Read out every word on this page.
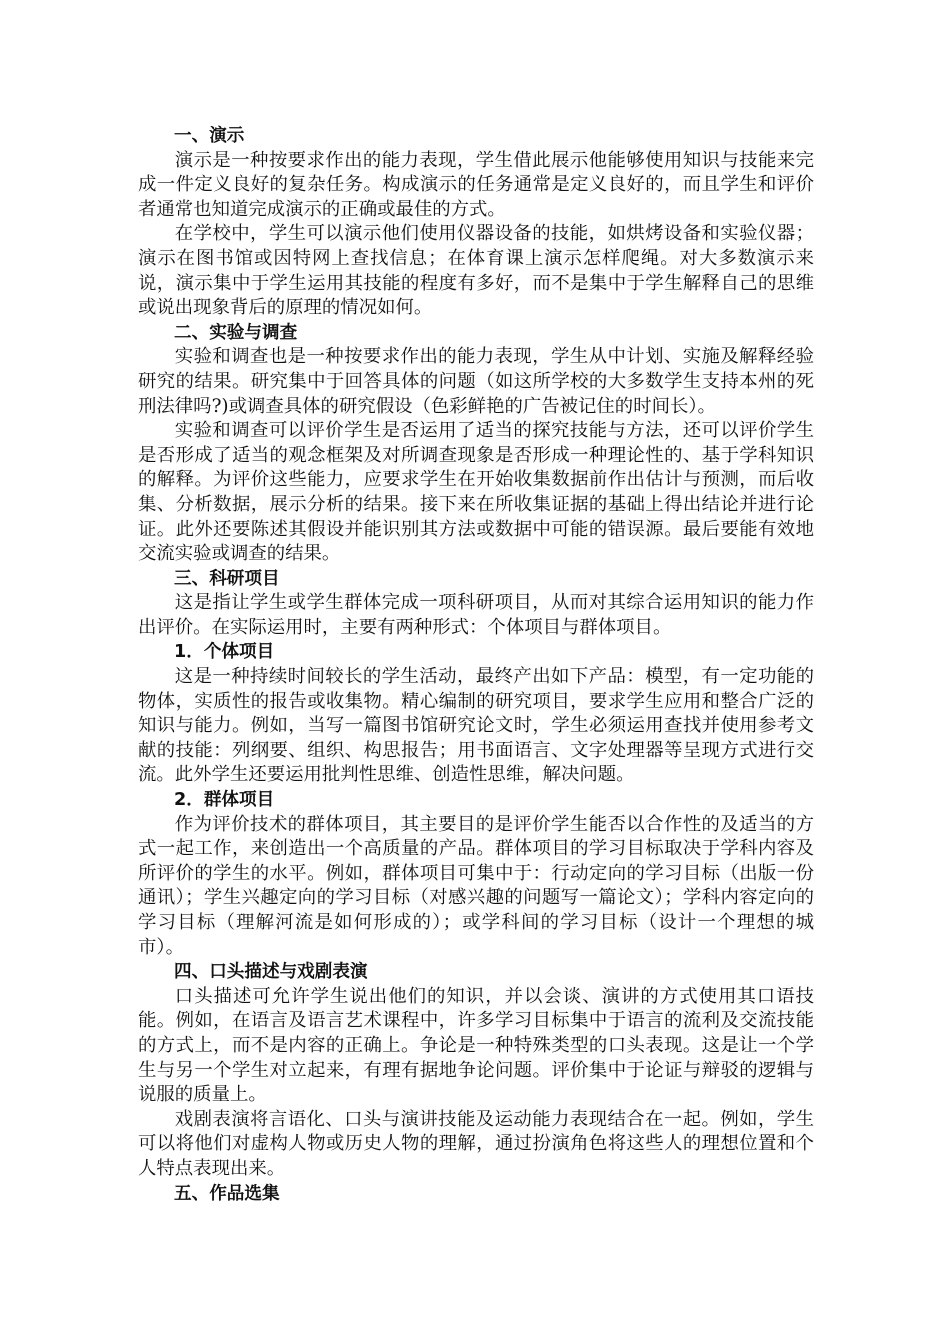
一、演示

演示是一种按要求作出的能力表现，学生借此展示他能够使用知识与技能来完成一件定义良好的复杂任务。构成演示的任务通常是定义良好的，而且学生和评价者通常也知道完成演示的正确或最佳的方式。

在学校中，学生可以演示他们使用仪器设备的技能，如烘烤设备和实验仪器；演示在图书馆或因特网上查找信息；在体育课上演示怎样爬绳。对大多数演示来说，演示集中于学生运用其技能的程度有多好，而不是集中于学生解释自己的思维或说出现象背后的原理的情况如何。

二、实验与调查

实验和调查也是一种按要求作出的能力表现，学生从中计划、实施及解释经验研究的结果。研究集中于回答具体的问题（如这所学校的大多数学生支持本州的死刑法律吗?)或调查具体的研究假设（色彩鲜艳的广告被记住的时间长）。

实验和调查可以评价学生是否运用了适当的探究技能与方法，还可以评价学生是否形成了适当的观念框架及对所调查现象是否形成一种理论性的、基于学科知识的解释。为评价这些能力，应要求学生在开始收集数据前作出估计与预测，而后收集、分析数据，展示分析的结果。接下来在所收集证据的基础上得出结论并进行论证。此外还要陈述其假设并能识别其方法或数据中可能的错误源。最后要能有效地交流实验或调查的结果。

三、科研项目

这是指让学生或学生群体完成一项科研项目，从而对其综合运用知识的能力作出评价。在实际运用时，主要有两种形式：个体项目与群体项目。

1．个体项目

这是一种持续时间较长的学生活动，最终产出如下产品：模型，有一定功能的物体，实质性的报告或收集物。精心编制的研究项目，要求学生应用和整合广泛的知识与能力。例如，当写一篇图书馆研究论文时，学生必须运用查找并使用参考文献的技能：列纲要、组织、构思报告；用书面语言、文字处理器等呈现方式进行交流。此外学生还要运用批判性思维、创造性思维，解决问题。

2．群体项目

作为评价技术的群体项目，其主要目的是评价学生能否以合作性的及适当的方式一起工作，来创造出一个高质量的产品。群体项目的学习目标取决于学科内容及所评价的学生的水平。例如，群体项目可集中于：行动定向的学习目标（出版一份通讯）；学生兴趣定向的学习目标（对感兴趣的问题写一篇论文）；学科内容定向的学习目标（理解河流是如何形成的）；或学科间的学习目标（设计一个理想的城市）。

四、口头描述与戏剧表演

口头描述可允许学生说出他们的知识，并以会谈、演讲的方式使用其口语技能。例如，在语言及语言艺术课程中，许多学习目标集中于语言的流利及交流技能的方式上，而不是内容的正确上。争论是一种特殊类型的口头表现。这是让一个学生与另一个学生对立起来，有理有据地争论问题。评价集中于论证与辩驳的逻辑与说服的质量上。

戏剧表演将言语化、口头与演讲技能及运动能力表现结合在一起。例如，学生可以将他们对虚构人物或历史人物的理解，通过扮演角色将这些人的理想位置和个人特点表现出来。

五、作品选集
